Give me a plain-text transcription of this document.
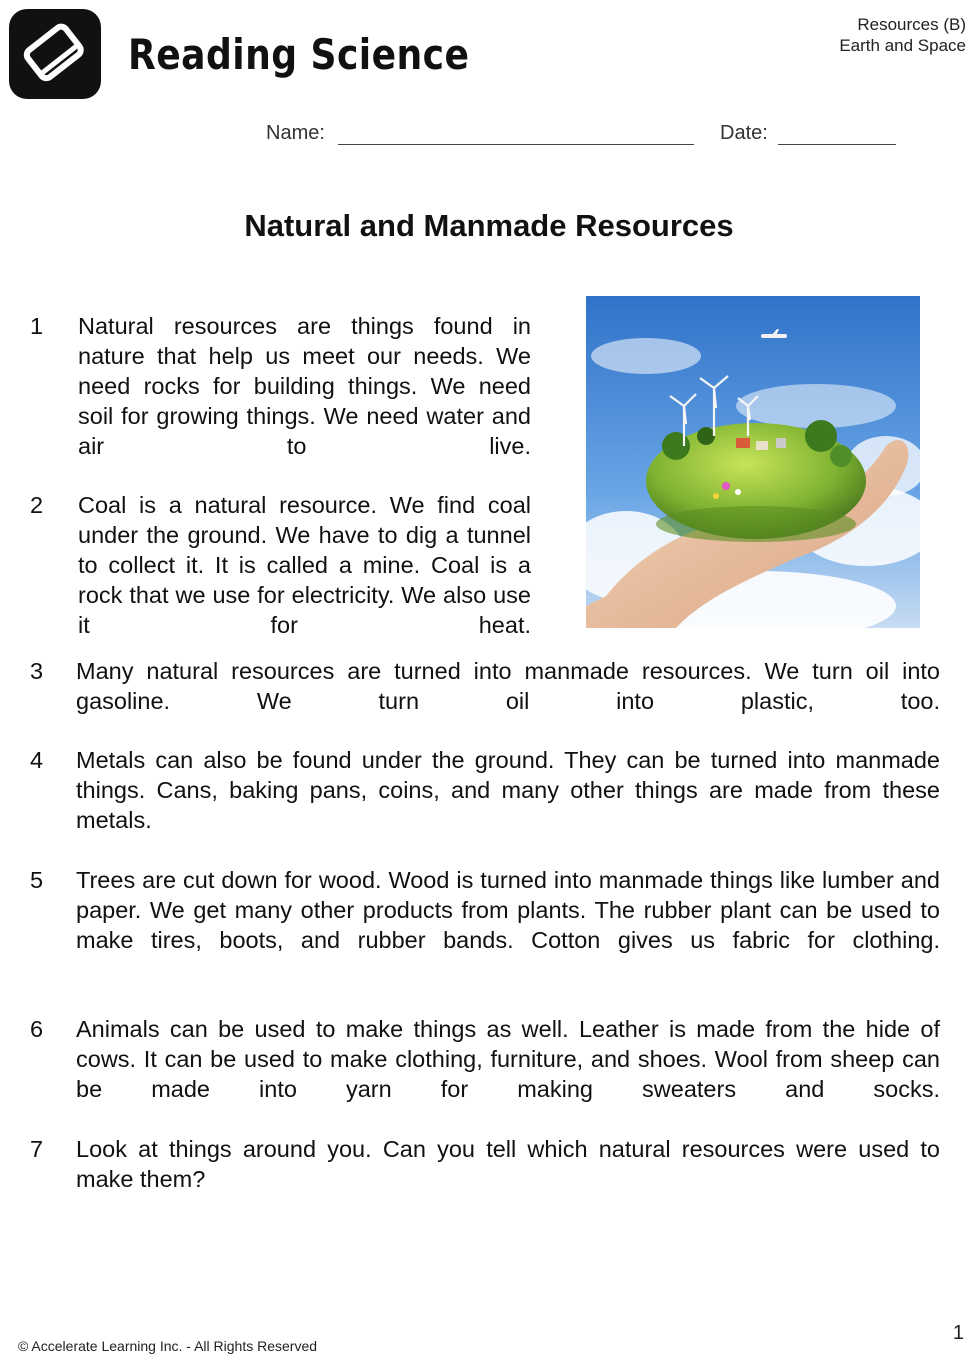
Reading Science
Resources (B)
Earth and Space
Name:	Date:
Natural and Manmade Resources
1 Natural resources are things found in nature that help us meet our needs. We need rocks for building things. We need soil for growing things. We need water and air to live.
2 Coal is a natural resource. We find coal under the ground. We have to dig a tunnel to collect it. It is called a mine. Coal is a rock that we use for electricity. We also use it for heat.
3 Many natural resources are turned into manmade resources. We turn oil into gasoline. We turn oil into plastic, too.
4 Metals can also be found under the ground. They can be turned into manmade things. Cans, baking pans, coins, and many other things are made from these metals.
5 Trees are cut down for wood. Wood is turned into manmade things like lumber and paper. We get many other products from plants. The rubber plant can be used to make tires, boots, and rubber bands. Cotton gives us fabric for clothing.
6 Animals can be used to make things as well. Leather is made from the hide of cows. It can be used to make clothing, furniture, and shoes. Wool from sheep can be made into yarn for making sweaters and socks.
7 Look at things around you. Can you tell which natural resources were used to make them?
© Accelerate Learning Inc. - All Rights Reserved
1
